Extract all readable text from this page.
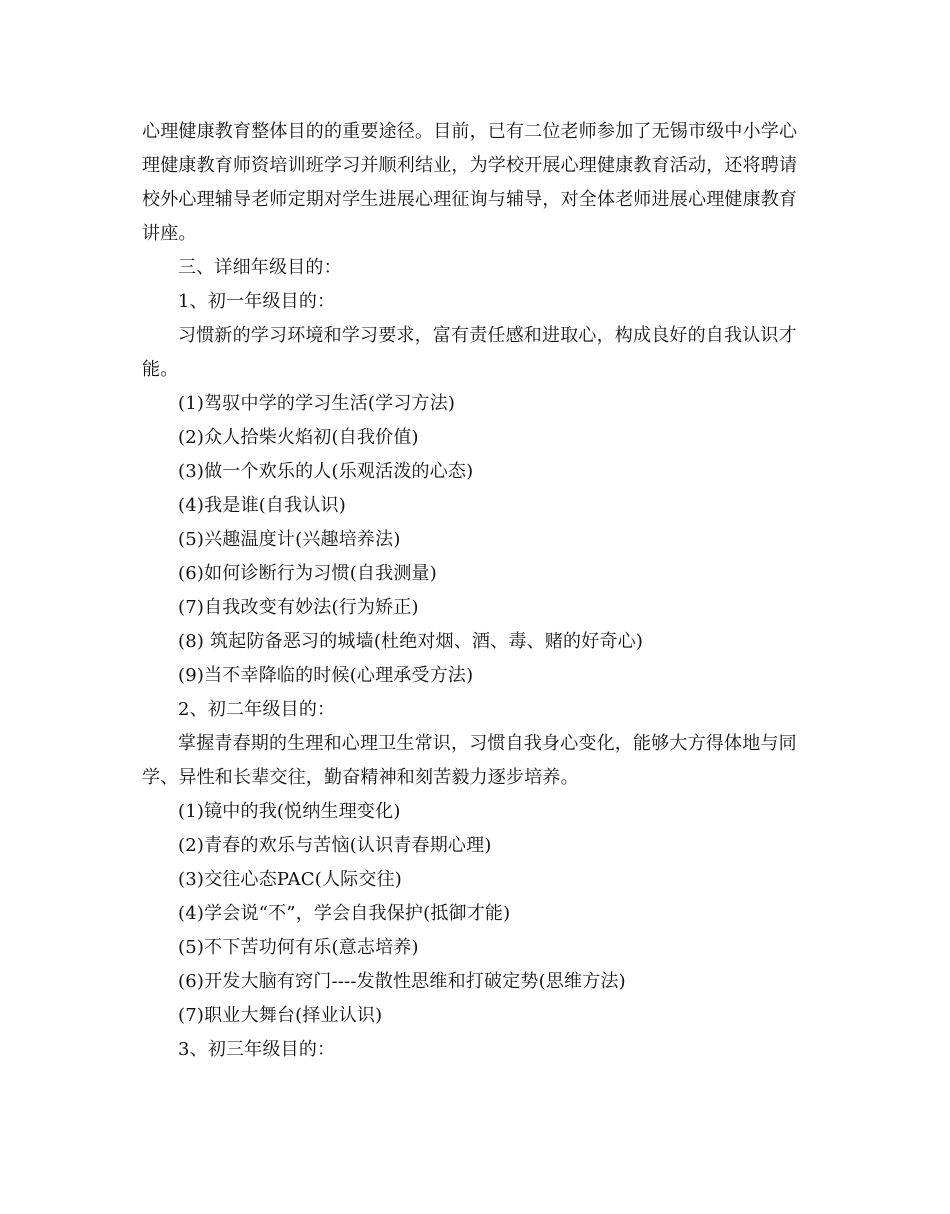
心理健康教育整体目的的重要途径。目前，已有二位老师参加了无锡市级中小学心
理健康教育师资培训班学习并顺利结业，为学校开展心理健康教育活动，还将聘请
校外心理辅导老师定期对学生进展心理征询与辅导，对全体老师进展心理健康教育
讲座。
三、详细年级目的：
1、初一年级目的：
习惯新的学习环境和学习要求，富有责任感和进取心，构成良好的自我认识才
能。
(1)驾驭中学的学习生活(学习方法)
(2)众人拾柴火焰初(自我价值)
(3)做一个欢乐的人(乐观活泼的心态)
(4)我是谁(自我认识)
(5)兴趣温度计(兴趣培养法)
(6)如何诊断行为习惯(自我测量)
(7)自我改变有妙法(行为矫正)
(8) 筑起防备恶习的城墙(杜绝对烟、酒、毒、赌的好奇心)
(9)当不幸降临的时候(心理承受方法)
2、初二年级目的：
掌握青春期的生理和心理卫生常识，习惯自我身心变化，能够大方得体地与同
学、异性和长辈交往，勤奋精神和刻苦毅力逐步培养。
(1)镜中的我(悦纳生理变化)
(2)青春的欢乐与苦恼(认识青春期心理)
(3)交往心态PAC(人际交往)
(4)学会说“不”，学会自我保护(抵御才能)
(5)不下苦功何有乐(意志培养)
(6)开发大脑有窍门----发散性思维和打破定势(思维方法)
(7)职业大舞台(择业认识)
3、初三年级目的：
